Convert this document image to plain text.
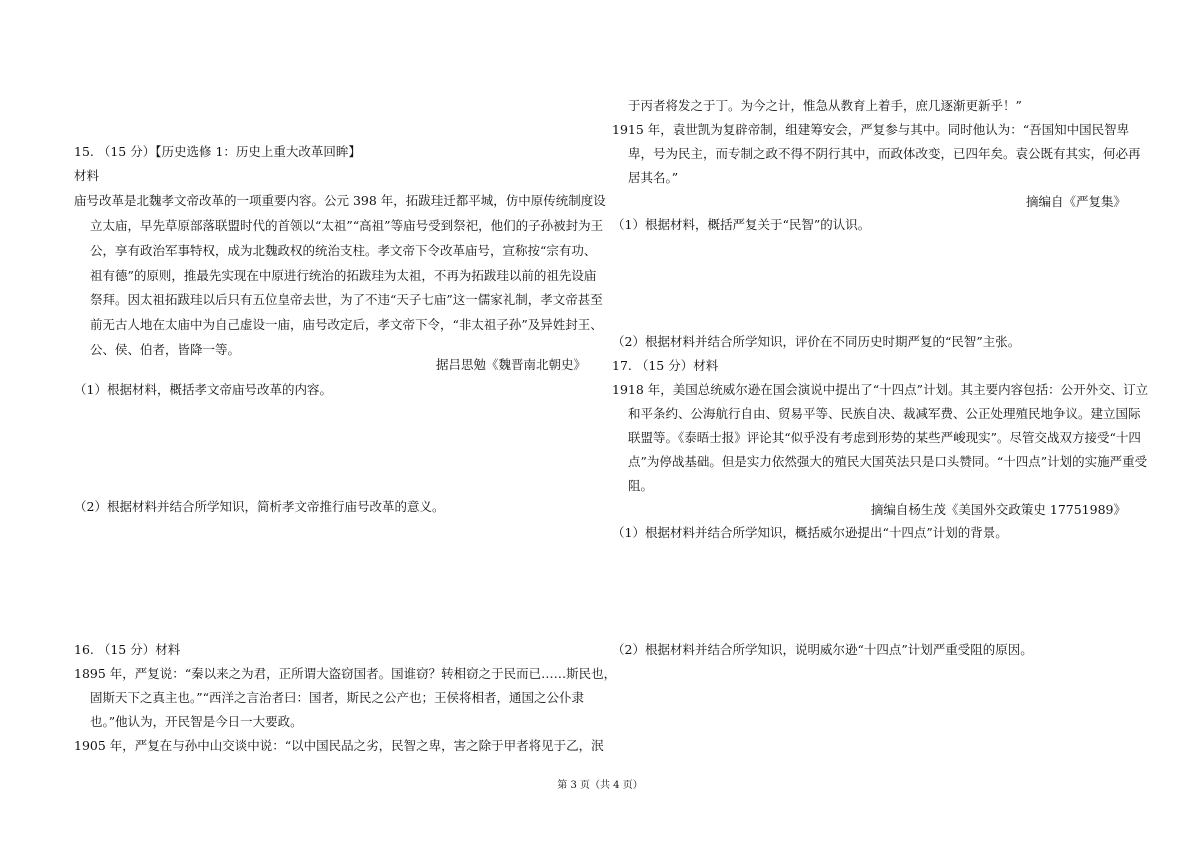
15. （15 分）【历史选修 1：历史上重大改革回眸】
材料
庙号改革是北魏孝文帝改革的一项重要内容。公元 398 年，拓跋珪迁都平城，仿中原传统制度设
立太庙，早先草原部落联盟时代的首领以“太祖”“高祖”等庙号受到祭祀，他们的子孙被封为王
公，享有政治军事特权，成为北魏政权的统治支柱。孝文帝下令改革庙号，宣称按“宗有功、
祖有德”的原则，推最先实现在中原进行统治的拓跋珪为太祖，不再为拓跋珪以前的祖先设庙
祭拜。因太祖拓跋珪以后只有五位皇帝去世，为了不违“天子七庙”这一儒家礼制，孝文帝甚至
前无古人地在太庙中为自己虚设一庙，庙号改定后，孝文帝下令，“非太祖子孙”及异姓封王、
公、侯、伯者，皆降一等。
据吕思勉《魏晋南北朝史》
（1）根据材料，概括孝文帝庙号改革的内容。
（2）根据材料并结合所学知识，简析孝文帝推行庙号改革的意义。
16. （15 分）材料
1895 年，严复说：“秦以来之为君，正所谓大盗窃国者。国谁窃？转相窃之于民而已……斯民也，
固斯天下之真主也。”“西洋之言治者曰：国者，斯民之公产也；王侯将相者，通国之公仆隶
也。”他认为，开民智是今日一大要政。
1905 年，严复在与孙中山交谈中说：“以中国民品之劣，民智之卑，害之除于甲者将见于乙，泯
于丙者将发之于丁。为今之计，惟急从教育上着手，庶几逐渐更新乎！”
1915 年，袁世凯为复辟帝制，组建筹安会，严复参与其中。同时他认为：“吾国知中国民智卑
卑，号为民主，而专制之政不得不阴行其中，而政体改变，已四年矣。袁公既有其实，何必再
居其名。”
摘编自《严复集》
（1）根据材料，概括严复关于“民智”的认识。
（2）根据材料并结合所学知识，评价在不同历史时期严复的“民智”主张。
17. （15 分）材料
1918 年，美国总统威尔逊在国会演说中提出了“十四点”计划。其主要内容包括：公开外交、订立
和平条约、公海航行自由、贸易平等、民族自决、裁减军费、公正处理殖民地争议。建立国际
联盟等。《泰晤士报》评论其“似乎没有考虑到形势的某些严峻现实”。尽管交战双方接受“十四
点”为停战基础。但是实力依然强大的殖民大国英法只是口头赞同。“十四点”计划的实施严重受
阻。
摘编自杨生茂《美国外交政策史 17751989》
（1）根据材料并结合所学知识，概括威尔逊提出“十四点”计划的背景。
（2）根据材料并结合所学知识，说明威尔逊“十四点”计划严重受阻的原因。
第 3 页（共 4 页）
